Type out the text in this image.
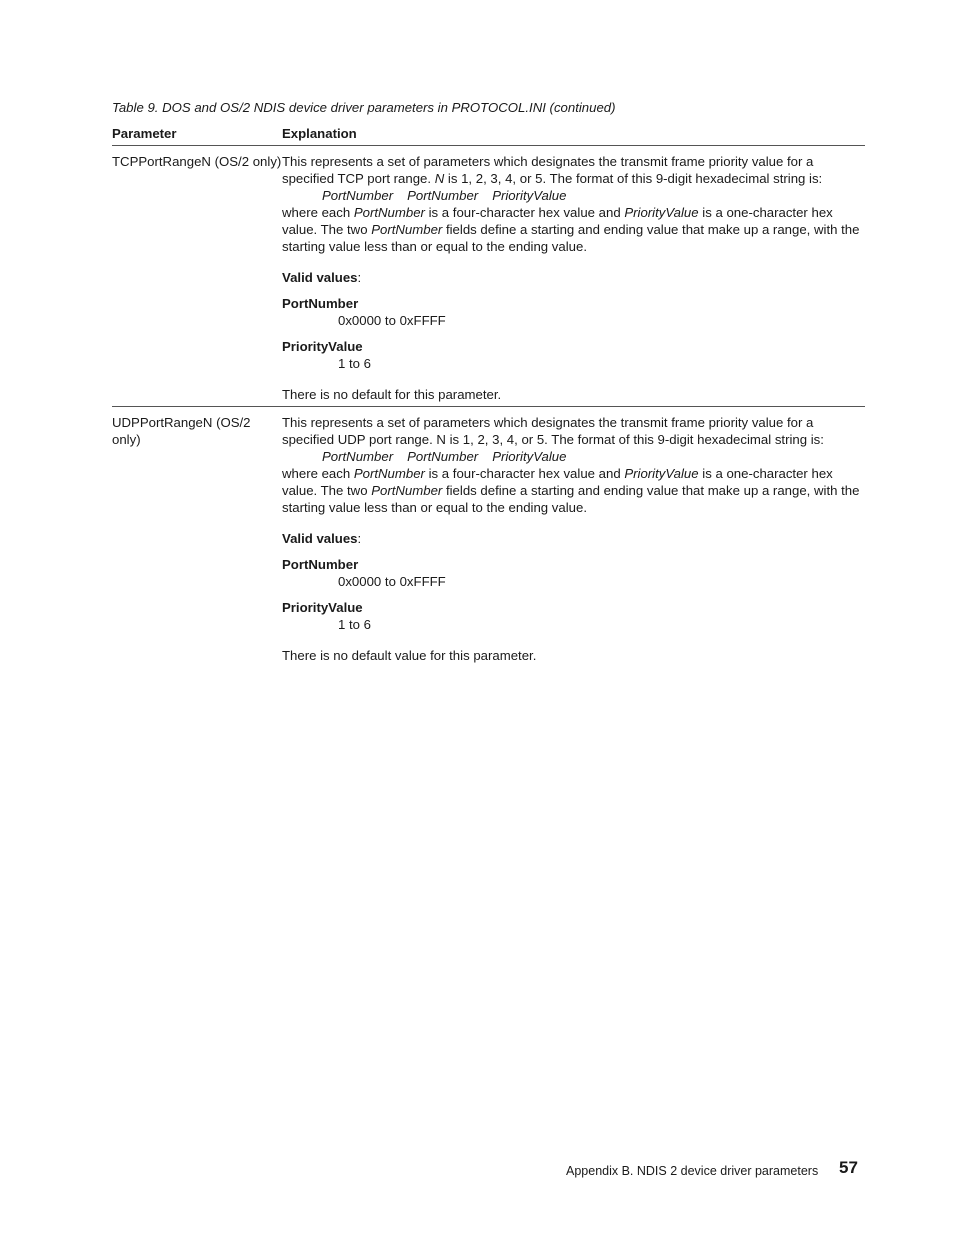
Table 9. DOS and OS/2 NDIS device driver parameters in PROTOCOL.INI (continued)
Parameter	Explanation
TCPPortRangeN (OS/2 only) This represents a set of parameters which designates the transmit frame priority value for a specified TCP port range. N is 1, 2, 3, 4, or 5. The format of this 9-digit hexadecimal string is:
PortNumber PortNumber PriorityValue
where each PortNumber is a four-character hex value and PriorityValue is a one-character hex value. The two PortNumber fields define a starting and ending value that make up a range, with the starting value less than or equal to the ending value.
Valid values:
PortNumber
0x0000 to 0xFFFF
PriorityValue
1 to 6
There is no default for this parameter.
UDPPortRangeN (OS/2 only)
This represents a set of parameters which designates the transmit frame priority value for a specified UDP port range. N is 1, 2, 3, 4, or 5. The format of this 9-digit hexadecimal string is:
PortNumber PortNumber PriorityValue
where each PortNumber is a four-character hex value and PriorityValue is a one-character hex value. The two PortNumber fields define a starting and ending value that make up a range, with the starting value less than or equal to the ending value.
Valid values:
PortNumber
0x0000 to 0xFFFF
PriorityValue
1 to 6
There is no default value for this parameter.
Appendix B. NDIS 2 device driver parameters 57
